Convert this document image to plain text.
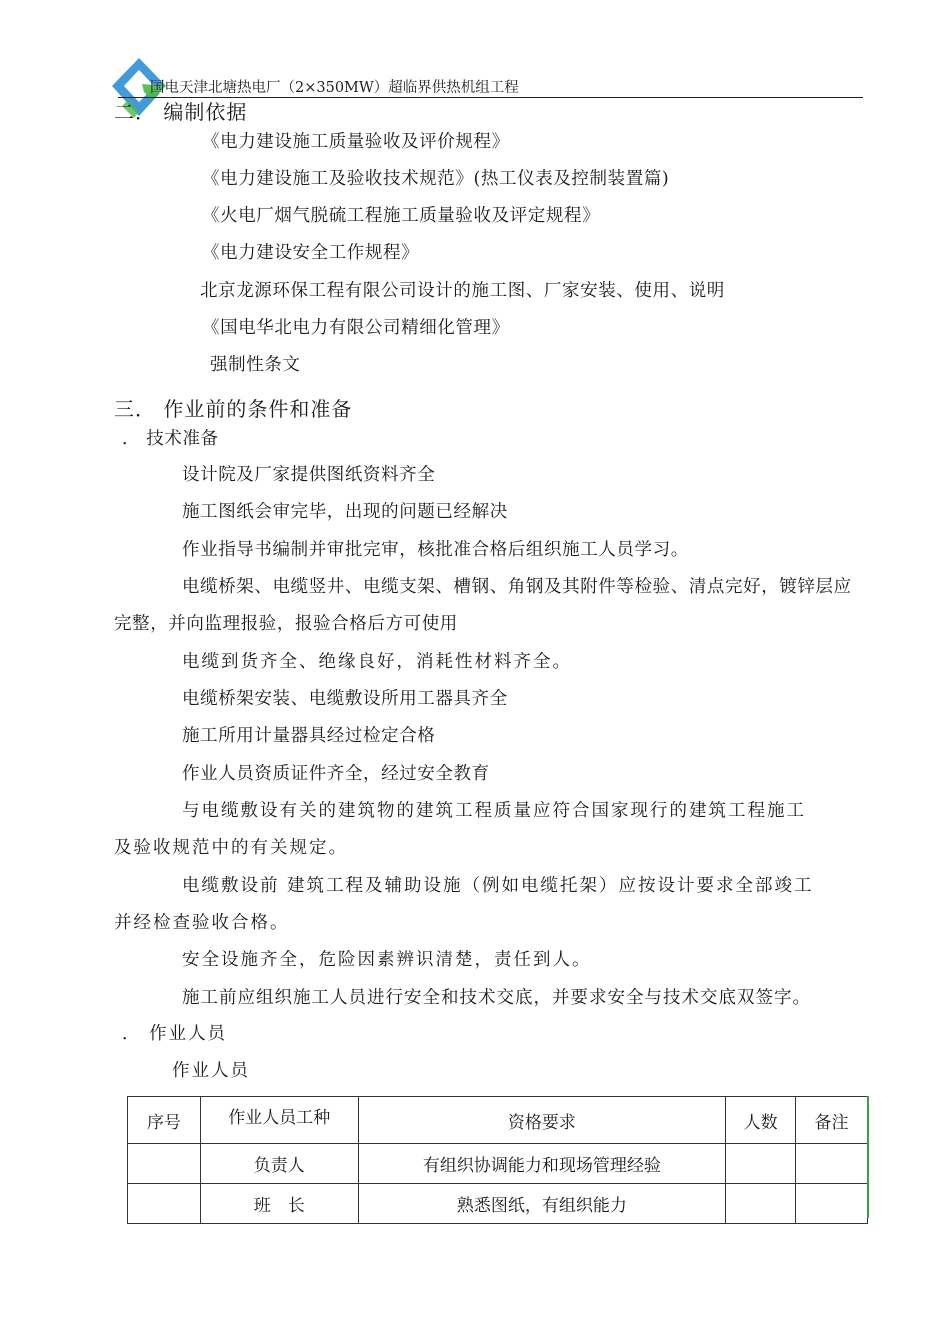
国电天津北塘热电厂（2×350MW）超临界供热机组工程
二． 编制依据
《电力建设施工质量验收及评价规程》
《电力建设施工及验收技术规范》(热工仪表及控制装置篇)
《火电厂烟气脱硫工程施工质量验收及评定规程》
《电力建设安全工作规程》
北京龙源环保工程有限公司设计的施工图、厂家安装、使用、说明
《国电华北电力有限公司精细化管理》
强制性条文
三． 作业前的条件和准备
． 技术准备
设计院及厂家提供图纸资料齐全
施工图纸会审完毕，出现的问题已经解决
作业指导书编制并审批完审，核批准合格后组织施工人员学习。
电缆桥架、电缆竖井、电缆支架、槽钢、角钢及其附件等检验、清点完好，镀锌层应
完整，并向监理报验，报验合格后方可使用
电缆到货齐全、绝缘良好，消耗性材料齐全。
电缆桥架安装、电缆敷设所用工器具齐全
施工所用计量器具经过检定合格
作业人员资质证件齐全，经过安全教育
与电缆敷设有关的建筑物的建筑工程质量应符合国家现行的建筑工程施工
及验收规范中的有关规定。
电缆敷设前 建筑工程及辅助设施（例如电缆托架）应按设计要求全部竣工
并经检查验收合格。
安全设施齐全，危险因素辨识清楚，责任到人。
施工前应组织施工人员进行安全和技术交底，并要求安全与技术交底双签字。
． 作业人员
作业人员
序号	作业人员工种	资格要求	人数	备注
	负责人	有组织协调能力和现场管理经验		
	班　长	熟悉图纸，有组织能力		
